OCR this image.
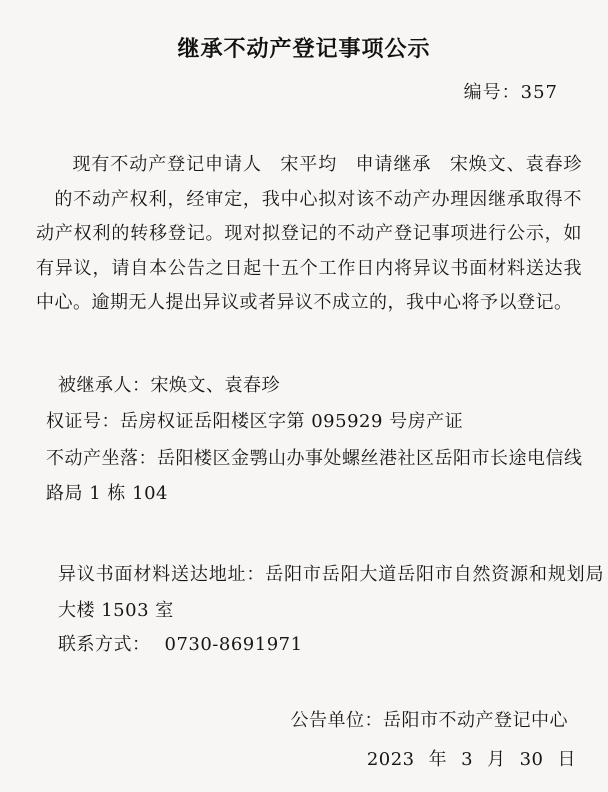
继承不动产登记事项公示
编号：357
现有不动产登记申请人 宋平均 申请继承 宋焕文、袁春珍的不动产权利，经审定，我中心拟对该不动产办理因继承取得不动产权利的转移登记。现对拟登记的不动产登记事项进行公示，如有异议，请自本公告之日起十五个工作日内将异议书面材料送达我中心。逾期无人提出异议或者异议不成立的，我中心将予以登记。
被继承人：宋焕文、袁春珍
权证号：岳房权证岳阳楼区字第 095929 号房产证
不动产坐落：岳阳楼区金鹗山办事处螺丝港社区岳阳市长途电信线路局 1 栋 104
异议书面材料送达地址：岳阳市岳阳大道岳阳市自然资源和规划局大楼 1503 室
联系方式： 0730-8691971
公告单位：岳阳市不动产登记中心
2023 年 3 月 30 日
